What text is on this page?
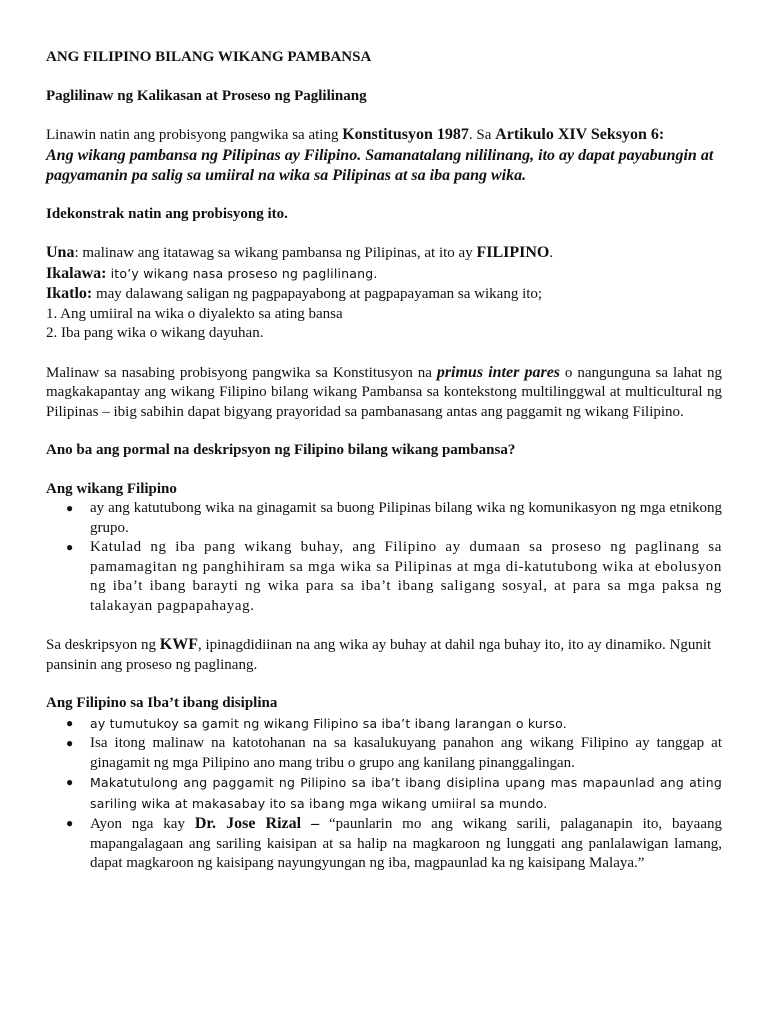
ANG FILIPINO BILANG WIKANG PAMBANSA

Paglilinaw ng Kalikasan at Proseso ng Paglilinang

Linawin natin ang probisyong pangwika sa ating Konstitusyon 1987. Sa Artikulo XIV Seksyon 6:

Ang wikang pambansa ng Pilipinas ay Filipino. Samanatalang nililinang, ito ay dapat payabungin at pagyamanin pa salig sa umiiral na wika sa Pilipinas at sa iba pang wika.

Idekonstrak natin ang probisyong ito.

Una: malinaw ang itatawag sa wikang pambansa ng Pilipinas, at ito ay FILIPINO.

Ikalawa: ito’y wikang nasa proseso ng paglilinang.

Ikatlo: may dalawang saligan ng pagpapayabong at pagpapayaman sa wikang ito;

1. Ang umiiral na wika o diyalekto sa ating bansa

2. Iba pang wika o wikang dayuhan.

Malinaw sa nasabing probisyong pangwika sa Konstitusyon na primus inter pares o nangunguna sa lahat ng magkakapantay ang wikang Filipino bilang wikang Pambansa sa kontekstong multilinggwal at multicultural ng Pilipinas – ibig sabihin dapat bigyang prayoridad sa pambanasang antas ang paggamit ng wikang Filipino.

Ano ba ang pormal na deskripsyon ng Filipino bilang wikang pambansa?

Ang wikang Filipino

● ay ang katutubong wika na ginagamit sa buong Pilipinas bilang wika ng komunikasyon ng mga etnikong grupo.
● Katulad ng iba pang wikang buhay, ang Filipino ay dumaan sa proseso ng paglinang sa pamamagitan ng panghihiram sa mga wika sa Pilipinas at mga di-katutubong wika at ebolusyon ng iba’t ibang barayti ng wika para sa iba’t ibang saligang sosyal, at para sa mga paksa ng talakayan pagpapahayag.

Sa deskripsyon ng KWF, ipinagdidiinan na ang wika ay buhay at dahil nga buhay ito, ito ay dinamiko. Ngunit pansinin ang proseso ng paglinang.

Ang Filipino sa Iba’t ibang disiplina

● ay tumutukoy sa gamit ng wikang Filipino sa iba’t ibang larangan o kurso.
● Isa itong malinaw na katotohanan na sa kasalukuyang panahon ang wikang Filipino ay tanggap at ginagamit ng mga Pilipino ano mang tribu o grupo ang kanilang pinanggalingan.
● Makatutulong ang paggamit ng Pilipino sa iba’t ibang disiplina upang mas mapaunlad ang ating sariling wika at makasabay ito sa ibang mga wikang umiiral sa mundo.
● Ayon nga kay Dr. Jose Rizal – “paunlarin mo ang wikang sarili, palaganapin ito, bayaang mapangalagaan ang sariling kaisipan at sa halip na magkaroon ng lunggati ang panlalawigan lamang, dapat magkaroon ng kaisipang nayungyungan ng iba, magpaunlad ka ng kaisipang Malaya.”
